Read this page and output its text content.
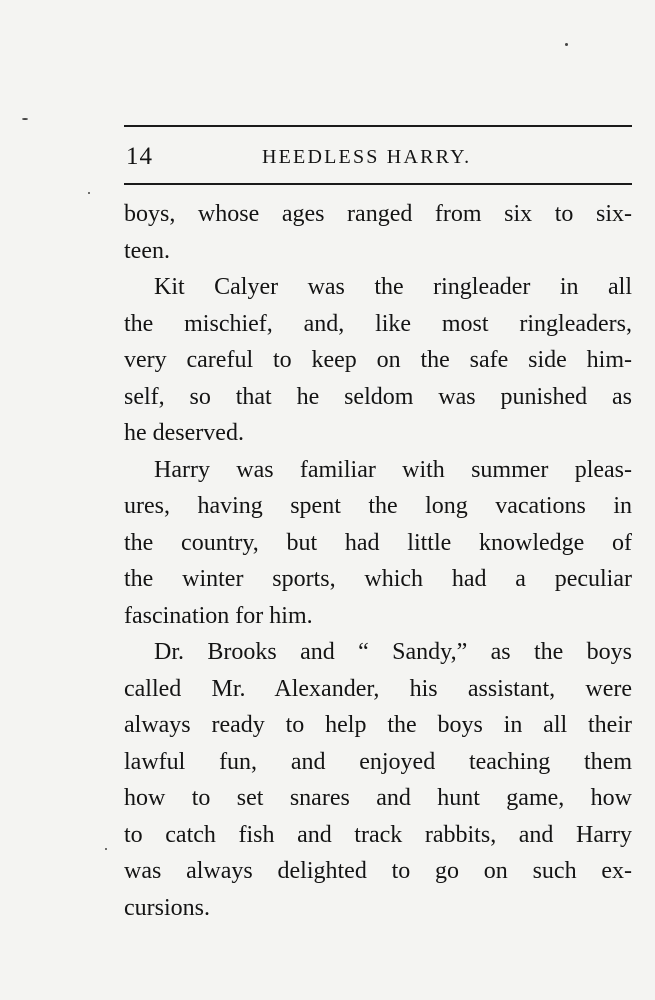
14	HEEDLESS HARRY.
boys, whose ages ranged from six to six-
teen.
Kit Calyer was the ringleader in all
the mischief, and, like most ringleaders,
very careful to keep on the safe side him-
self, so that he seldom was punished as
he deserved.
Harry was familiar with summer pleas-
ures, having spent the long vacations in
the country, but had little knowledge of
the winter sports, which had a peculiar
fascination for him.
Dr. Brooks and “ Sandy,” as the boys
called Mr. Alexander, his assistant, were
always ready to help the boys in all their
lawful fun, and enjoyed teaching them
how to set snares and hunt game, how
to catch fish and track rabbits, and Harry
was always delighted to go on such ex-
cursions.
